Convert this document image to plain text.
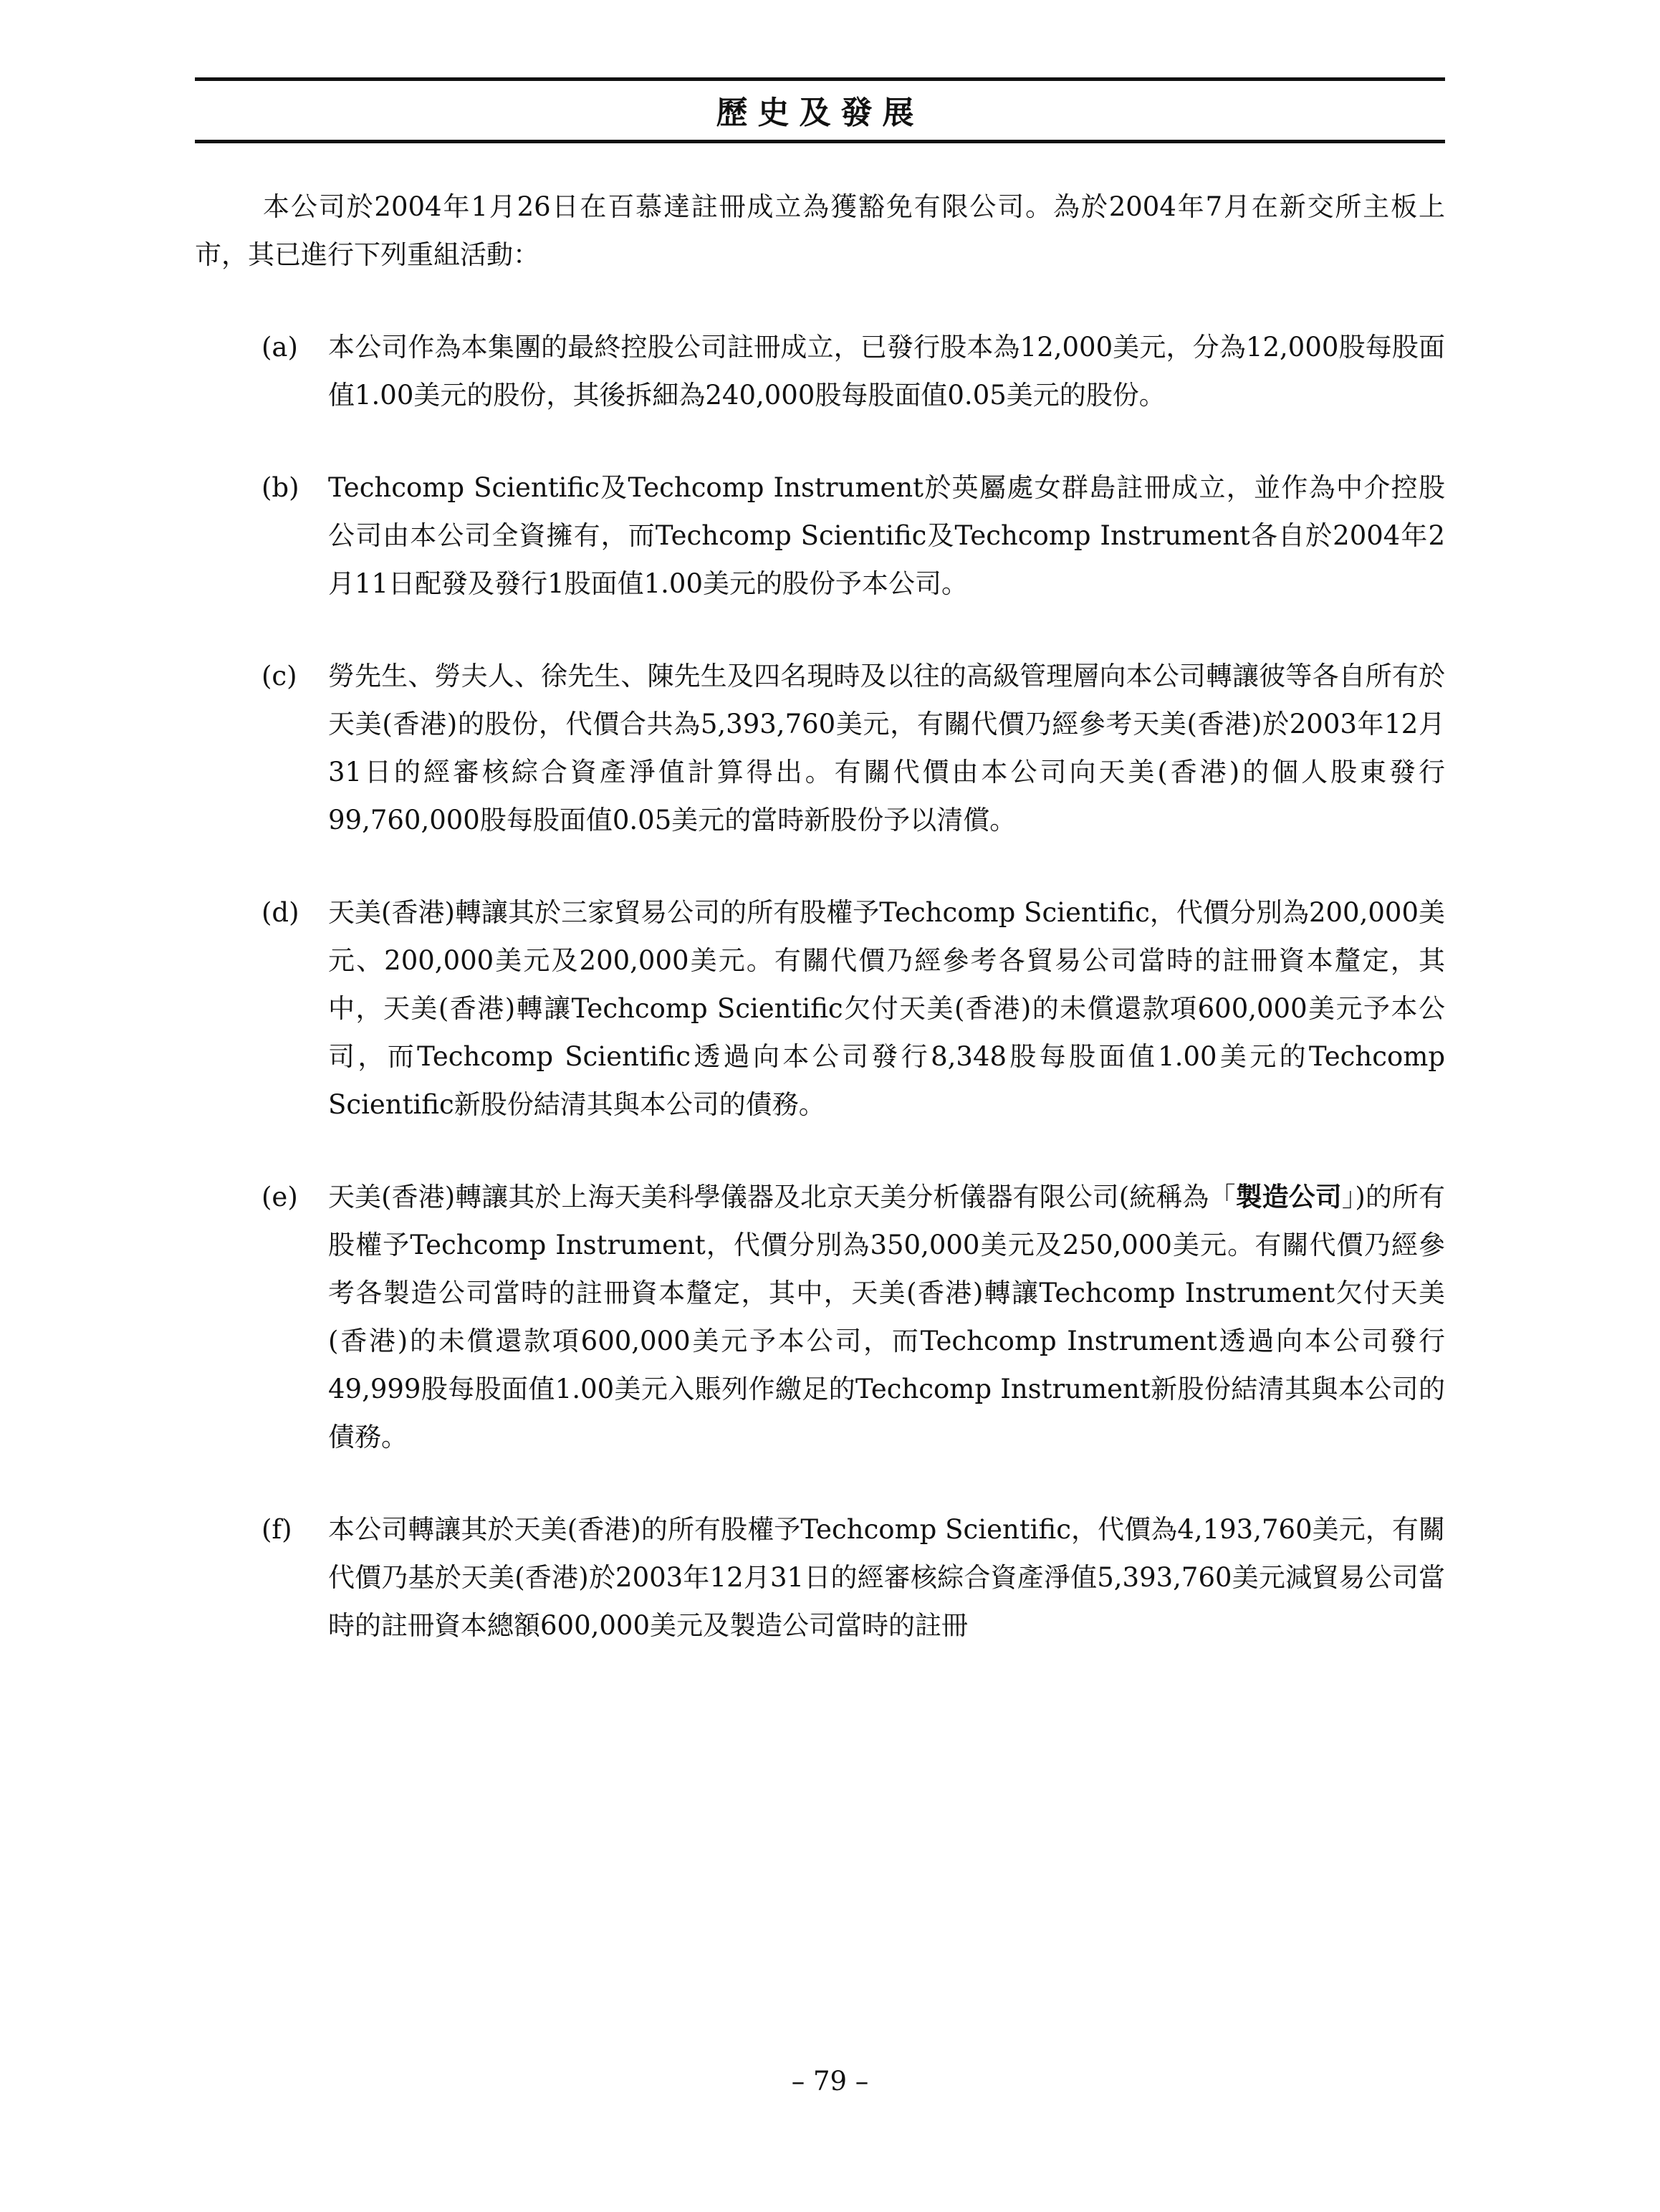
歷史及發展

本公司於2004年1月26日在百慕達註冊成立為獲豁免有限公司。為於2004年7月在新交所主板上市，其已進行下列重組活動：

(a)	本公司作為本集團的最終控股公司註冊成立，已發行股本為12,000美元，分為12,000股每股面值1.00美元的股份，其後拆細為240,000股每股面值0.05美元的股份。
(b)	Techcomp Scientific及Techcomp Instrument於英屬處女群島註冊成立，並作為中介控股公司由本公司全資擁有，而Techcomp Scientific及Techcomp Instrument各自於2004年2月11日配發及發行1股面值1.00美元的股份予本公司。
(c)	勞先生、勞夫人、徐先生、陳先生及四名現時及以往的高級管理層向本公司轉讓彼等各自所有於天美(香港)的股份，代價合共為5,393,760美元，有關代價乃經參考天美(香港)於2003年12月31日的經審核綜合資產淨值計算得出。有關代價由本公司向天美(香港)的個人股東發行99,760,000股每股面值0.05美元的當時新股份予以清償。
(d)	天美(香港)轉讓其於三家貿易公司的所有股權予Techcomp Scientific，代價分別為200,000美元、200,000美元及200,000美元。有關代價乃經參考各貿易公司當時的註冊資本釐定，其中，天美(香港)轉讓Techcomp Scientific欠付天美(香港)的未償還款項600,000美元予本公司，而Techcomp Scientific透過向本公司發行8,348股每股面值1.00美元的Techcomp Scientific新股份結清其與本公司的債務。
(e)	天美(香港)轉讓其於上海天美科學儀器及北京天美分析儀器有限公司(統稱為「製造公司」)的所有股權予Techcomp Instrument，代價分別為350,000美元及250,000美元。有關代價乃經參考各製造公司當時的註冊資本釐定，其中，天美(香港)轉讓Techcomp Instrument欠付天美(香港)的未償還款項600,000美元予本公司，而Techcomp Instrument透過向本公司發行49,999股每股面值1.00美元入賬列作繳足的Techcomp Instrument新股份結清其與本公司的債務。
(f)	本公司轉讓其於天美(香港)的所有股權予Techcomp Scientific，代價為4,193,760美元，有關代價乃基於天美(香港)於2003年12月31日的經審核綜合資產淨值5,393,760美元減貿易公司當時的註冊資本總額600,000美元及製造公司當時的註冊
– 79 –
